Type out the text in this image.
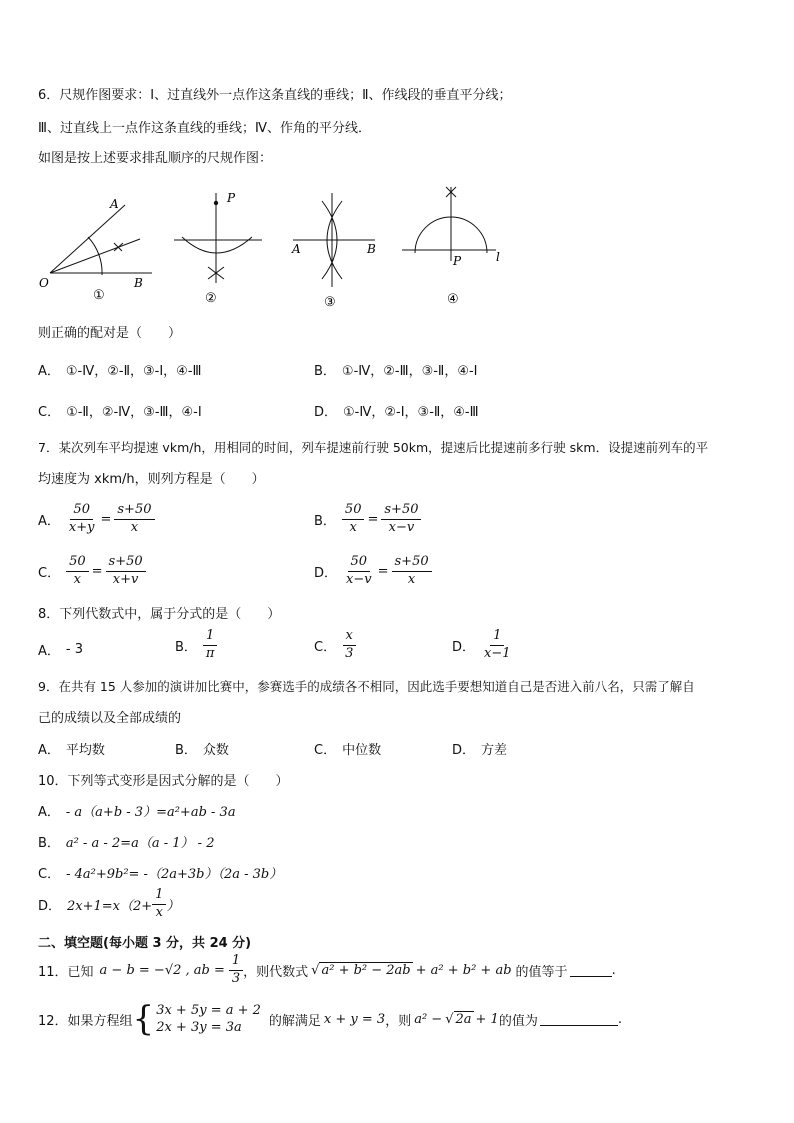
6．尺规作图要求：Ⅰ、过直线外一点作这条直线的垂线；Ⅱ、作线段的垂直平分线；
Ⅲ、过直线上一点作这条直线的垂线；Ⅳ、作角的平分线．
如图是按上述要求排乱顺序的尺规作图：
A
O	B
①
P
②
A	B
③
P	l
④
则正确的配对是（　　）
A． ①-Ⅳ，②-Ⅱ，③-Ⅰ，④-Ⅲ	B． ①-Ⅳ，②-Ⅲ，③-Ⅱ，④-Ⅰ
C． ①-Ⅱ，②-Ⅳ，③-Ⅲ，④-Ⅰ	D． ①-Ⅳ，②-Ⅰ，③-Ⅱ，④-Ⅲ
7．某次列车平均提速 vkm/h，用相同的时间，列车提速前行驶 50km，提速后比提速前多行驶 skm．设提速前列车的平
均速度为 xkm/h，则列方程是（　　）
A． $\frac{50}{x+y} = \frac{s+50}{x}$	B． $\frac{50}{x} = \frac{s+50}{x-v}$
C． $\frac{50}{x} = \frac{s+50}{x+v}$	D． $\frac{50}{x-v} = \frac{s+50}{x}$
8．下列代数式中，属于分式的是（　　）
A． - 3	B． $\frac{1}{\pi}$	C． $\frac{x}{3}$	D． $\frac{1}{x-1}$
9．在共有 15 人参加的演讲加比赛中，参赛选手的成绩各不相同，因此选手要想知道自己是否进入前八名，只需了解自
己的成绩以及全部成绩的
A． 平均数	B． 众数	C． 中位数	D． 方差
10．下列等式变形是因式分解的是（　　）
A． - a（a+b - 3）=a²+ab - 3a
B． a² - a - 2=a（a - 1） - 2
C． - 4a²+9b²= -（2a+3b）（2a - 3b）
D． $2x+1=x(2+ \frac{1}{x}$ ）
二、填空题(每小题 3 分，共 24 分)
11．已知 a − b = −√2 , ab = $\frac{1}{3}$ ，则代数式 √ a² + b² − 2ab + a² + b² + ab 的值等于	.
12．如果方程组 { 3x + 5y = a + 2
2x + 3y = 3a	的解满足 x + y = 3 ，则 a² − √ 2a + 1 的值为	.
